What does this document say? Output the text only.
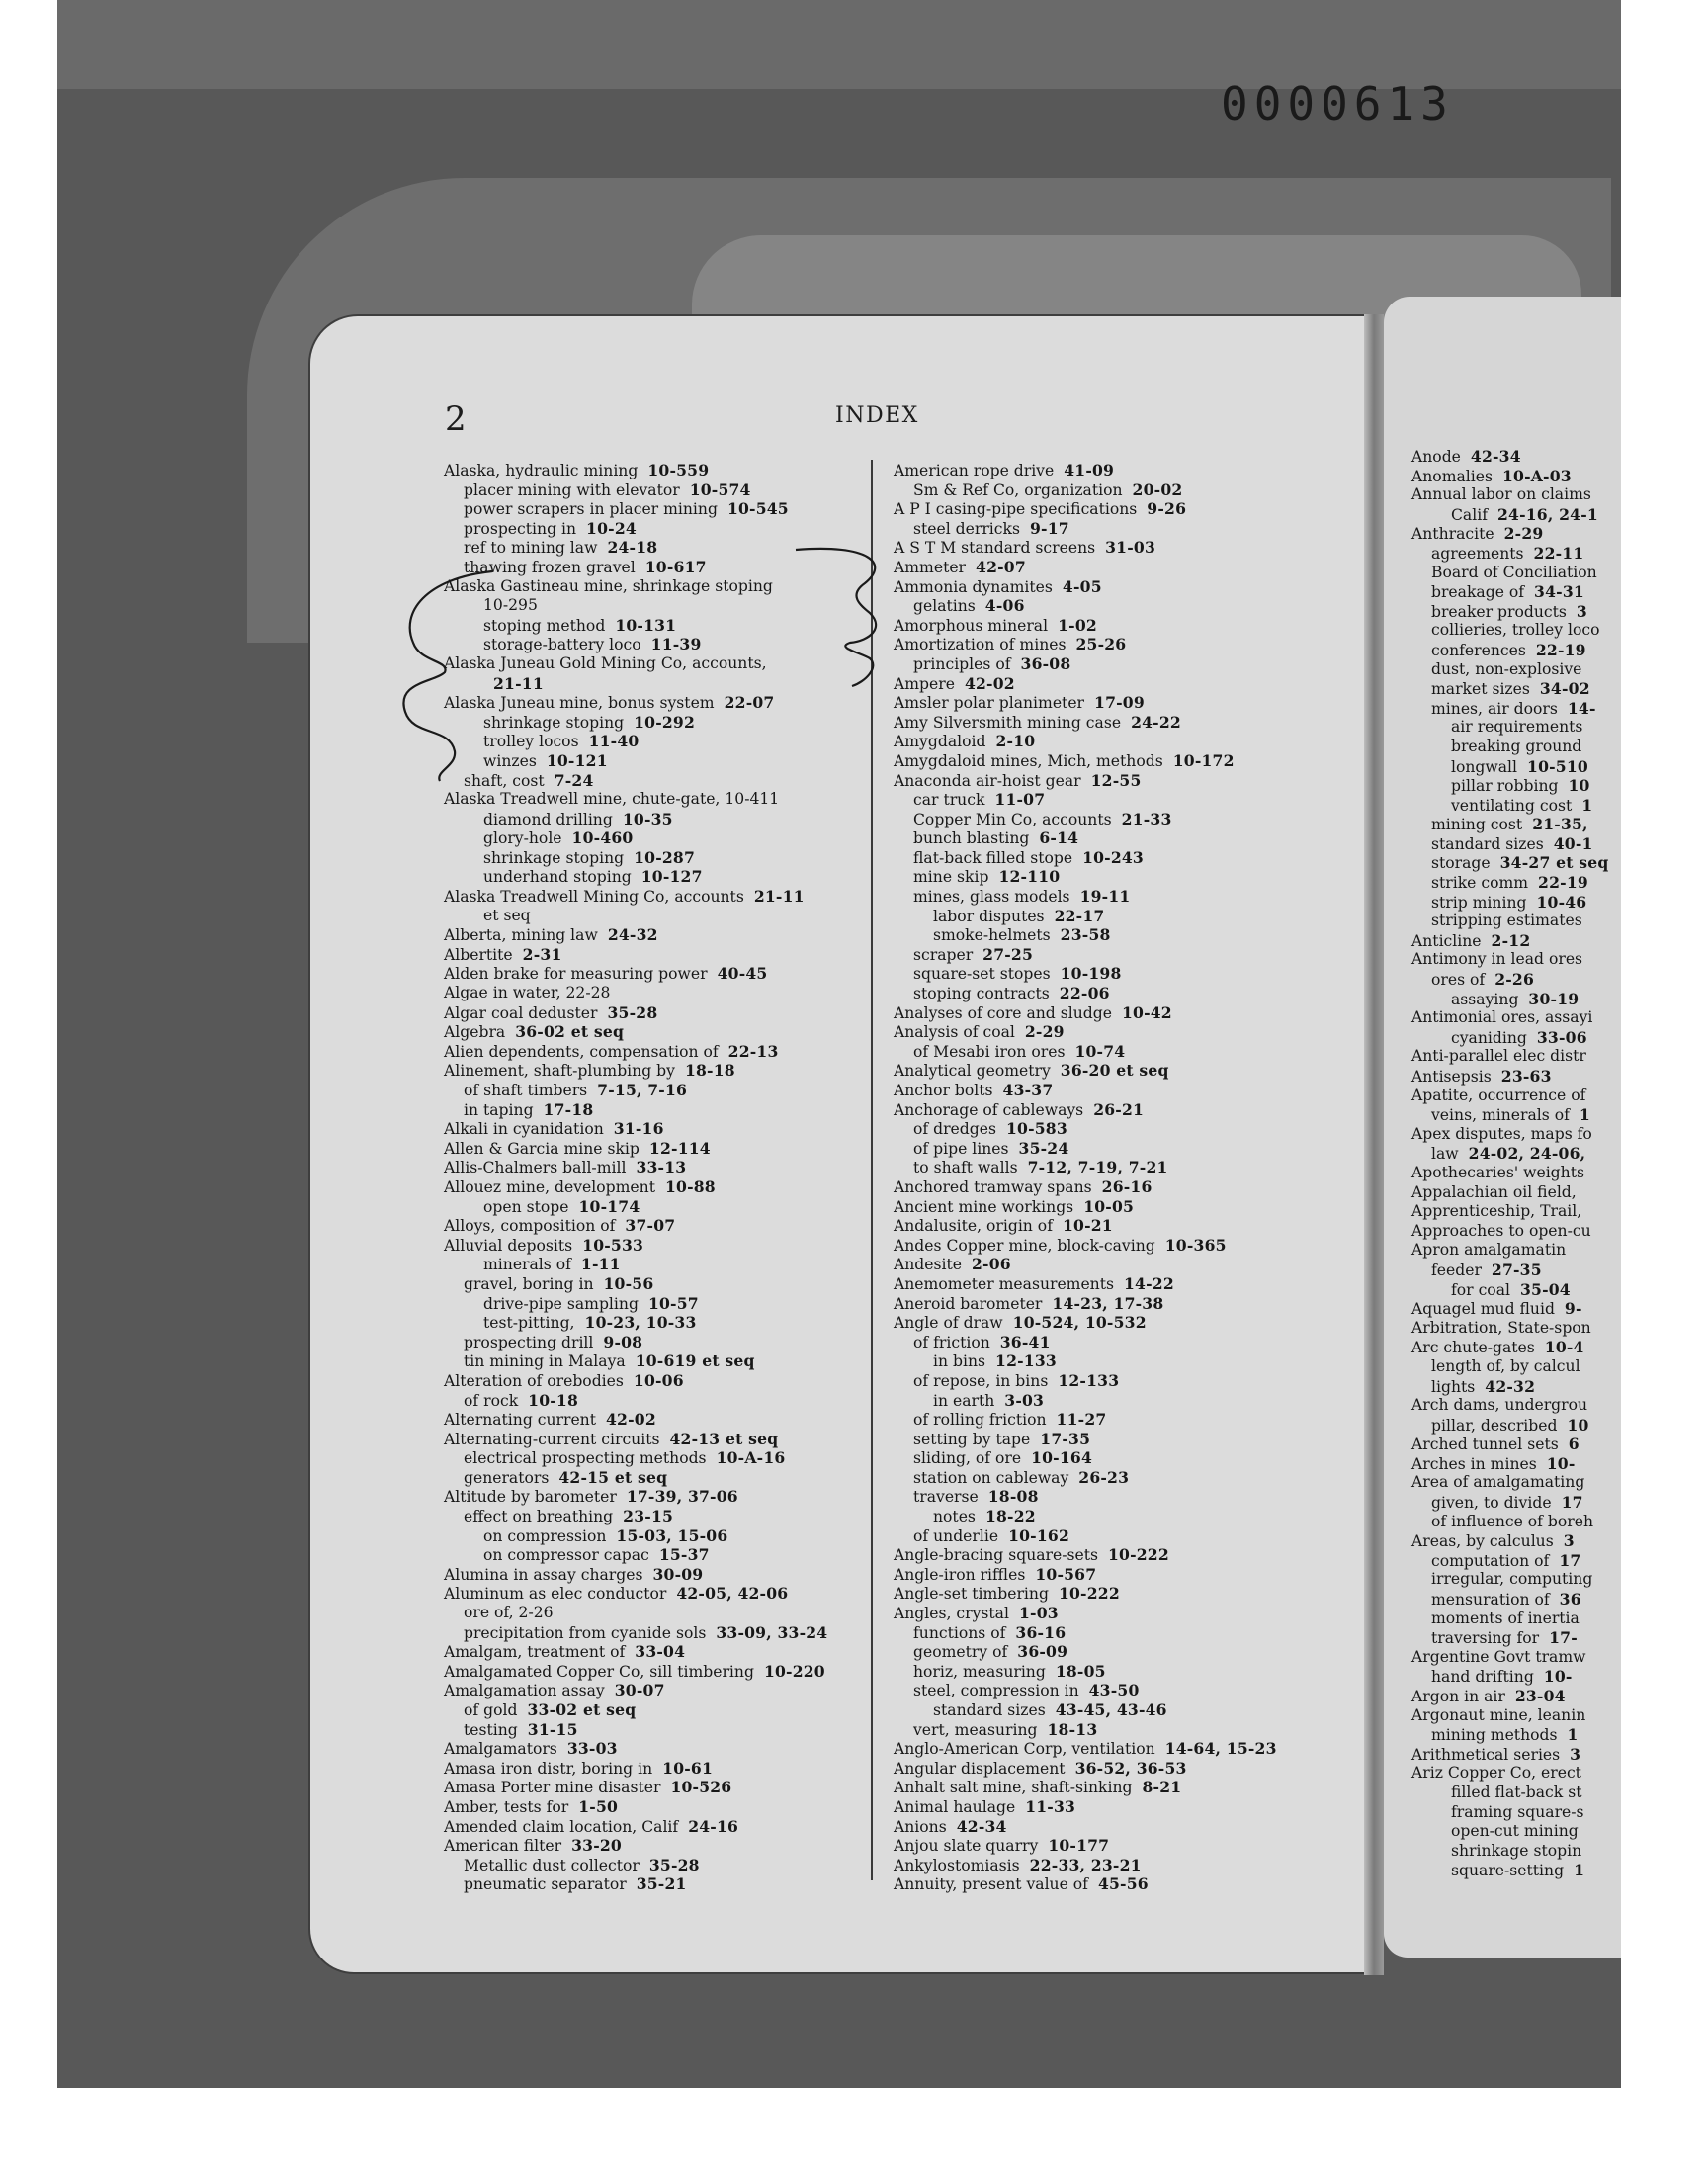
0000613
Anode 42-34
Anomalies 10-A-03
Annual labor on claims
Calif 24-16, 24-1
Anthracite 2-29
agreements 22-11
Board of Conciliation
breakage of 34-31
breaker products 3
collieries, trolley loco
conferences 22-19
dust, non-explosive
market sizes 34-02
mines, air doors 14-
air requirements
breaking ground
longwall 10-510
pillar robbing 10
ventilating cost 1
mining cost 21-35,
standard sizes 40-1
storage 34-27 et seq
strike comm 22-19
strip mining 10-46
stripping estimates
Anticline 2-12
Antimony in lead ores
ores of 2-26
assaying 30-19
Antimonial ores, assayi
cyaniding 33-06
Anti-parallel elec distr
Antisepsis 23-63
Apatite, occurrence of
veins, minerals of 1
Apex disputes, maps fo
law 24-02, 24-06,
Apothecaries' weights
Appalachian oil field,
Apprenticeship, Trail,
Approaches to open-cu
Apron amalgamatin
feeder 27-35
for coal 35-04
Aquagel mud fluid 9-
Arbitration, State-spon
Arc chute-gates 10-4
length of, by calcul
lights 42-32
Arch dams, undergrou
pillar, described 10
Arched tunnel sets 6
Arches in mines 10-
Area of amalgamating
given, to divide 17
of influence of boreh
Areas, by calculus 3
computation of 17
irregular, computing
mensuration of 36
moments of inertia
traversing for 17-
Argentine Govt tramw
hand drifting 10-
Argon in air 23-04
Argonaut mine, leanin
mining methods 1
Arithmetical series 3
Ariz Copper Co, erect
filled flat-back st
framing square-s
open-cut mining
shrinkage stopin
square-setting 1
2	INDEX
Alaska, hydraulic mining 10-559
placer mining with elevator 10-574
power scrapers in placer mining 10-545
prospecting in 10-24
ref to mining law 24-18
thawing frozen gravel 10-617
Alaska Gastineau mine, shrinkage stoping
10-295
stoping method 10-131
storage-battery loco 11-39
Alaska Juneau Gold Mining Co, accounts,
21-11
Alaska Juneau mine, bonus system 22-07
shrinkage stoping 10-292
trolley locos 11-40
winzes 10-121
shaft, cost 7-24
Alaska Treadwell mine, chute-gate, 10-411
diamond drilling 10-35
glory-hole 10-460
shrinkage stoping 10-287
underhand stoping 10-127
Alaska Treadwell Mining Co, accounts 21-11
et seq
Alberta, mining law 24-32
Albertite 2-31
Alden brake for measuring power 40-45
Algae in water, 22-28
Algar coal deduster 35-28
Algebra 36-02 et seq
Alien dependents, compensation of 22-13
Alinement, shaft-plumbing by 18-18
of shaft timbers 7-15, 7-16
in taping 17-18
Alkali in cyanidation 31-16
Allen & Garcia mine skip 12-114
Allis-Chalmers ball-mill 33-13
Allouez mine, development 10-88
open stope 10-174
Alloys, composition of 37-07
Alluvial deposits 10-533
minerals of 1-11
gravel, boring in 10-56
drive-pipe sampling 10-57
test-pitting, 10-23, 10-33
prospecting drill 9-08
tin mining in Malaya 10-619 et seq
Alteration of orebodies 10-06
of rock 10-18
Alternating current 42-02
Alternating-current circuits 42-13 et seq
electrical prospecting methods 10-A-16
generators 42-15 et seq
Altitude by barometer 17-39, 37-06
effect on breathing 23-15
on compression 15-03, 15-06
on compressor capac 15-37
Alumina in assay charges 30-09
Aluminum as elec conductor 42-05, 42-06
ore of, 2-26
precipitation from cyanide sols 33-09, 33-24
Amalgam, treatment of 33-04
Amalgamated Copper Co, sill timbering 10-220
Amalgamation assay 30-07
of gold 33-02 et seq
testing 31-15
Amalgamators 33-03
Amasa iron distr, boring in 10-61
Amasa Porter mine disaster 10-526
Amber, tests for 1-50
Amended claim location, Calif 24-16
American filter 33-20
Metallic dust collector 35-28
pneumatic separator 35-21
American rope drive 41-09
Sm & Ref Co, organization 20-02
A P I casing-pipe specifications 9-26
steel derricks 9-17
A S T M standard screens 31-03
Ammeter 42-07
Ammonia dynamites 4-05
gelatins 4-06
Amorphous mineral 1-02
Amortization of mines 25-26
principles of 36-08
Ampere 42-02
Amsler polar planimeter 17-09
Amy Silversmith mining case 24-22
Amygdaloid 2-10
Amygdaloid mines, Mich, methods 10-172
Anaconda air-hoist gear 12-55
car truck 11-07
Copper Min Co, accounts 21-33
bunch blasting 6-14
flat-back filled stope 10-243
mine skip 12-110
mines, glass models 19-11
labor disputes 22-17
smoke-helmets 23-58
scraper 27-25
square-set stopes 10-198
stoping contracts 22-06
Analyses of core and sludge 10-42
Analysis of coal 2-29
of Mesabi iron ores 10-74
Analytical geometry 36-20 et seq
Anchor bolts 43-37
Anchorage of cableways 26-21
of dredges 10-583
of pipe lines 35-24
to shaft walls 7-12, 7-19, 7-21
Anchored tramway spans 26-16
Ancient mine workings 10-05
Andalusite, origin of 10-21
Andes Copper mine, block-caving 10-365
Andesite 2-06
Anemometer measurements 14-22
Aneroid barometer 14-23, 17-38
Angle of draw 10-524, 10-532
of friction 36-41
in bins 12-133
of repose, in bins 12-133
in earth 3-03
of rolling friction 11-27
setting by tape 17-35
sliding, of ore 10-164
station on cableway 26-23
traverse 18-08
notes 18-22
of underlie 10-162
Angle-bracing square-sets 10-222
Angle-iron riffles 10-567
Angle-set timbering 10-222
Angles, crystal 1-03
functions of 36-16
geometry of 36-09
horiz, measuring 18-05
steel, compression in 43-50
standard sizes 43-45, 43-46
vert, measuring 18-13
Anglo-American Corp, ventilation 14-64, 15-23
Angular displacement 36-52, 36-53
Anhalt salt mine, shaft-sinking 8-21
Animal haulage 11-33
Anions 42-34
Anjou slate quarry 10-177
Ankylostomiasis 22-33, 23-21
Annuity, present value of 45-56
